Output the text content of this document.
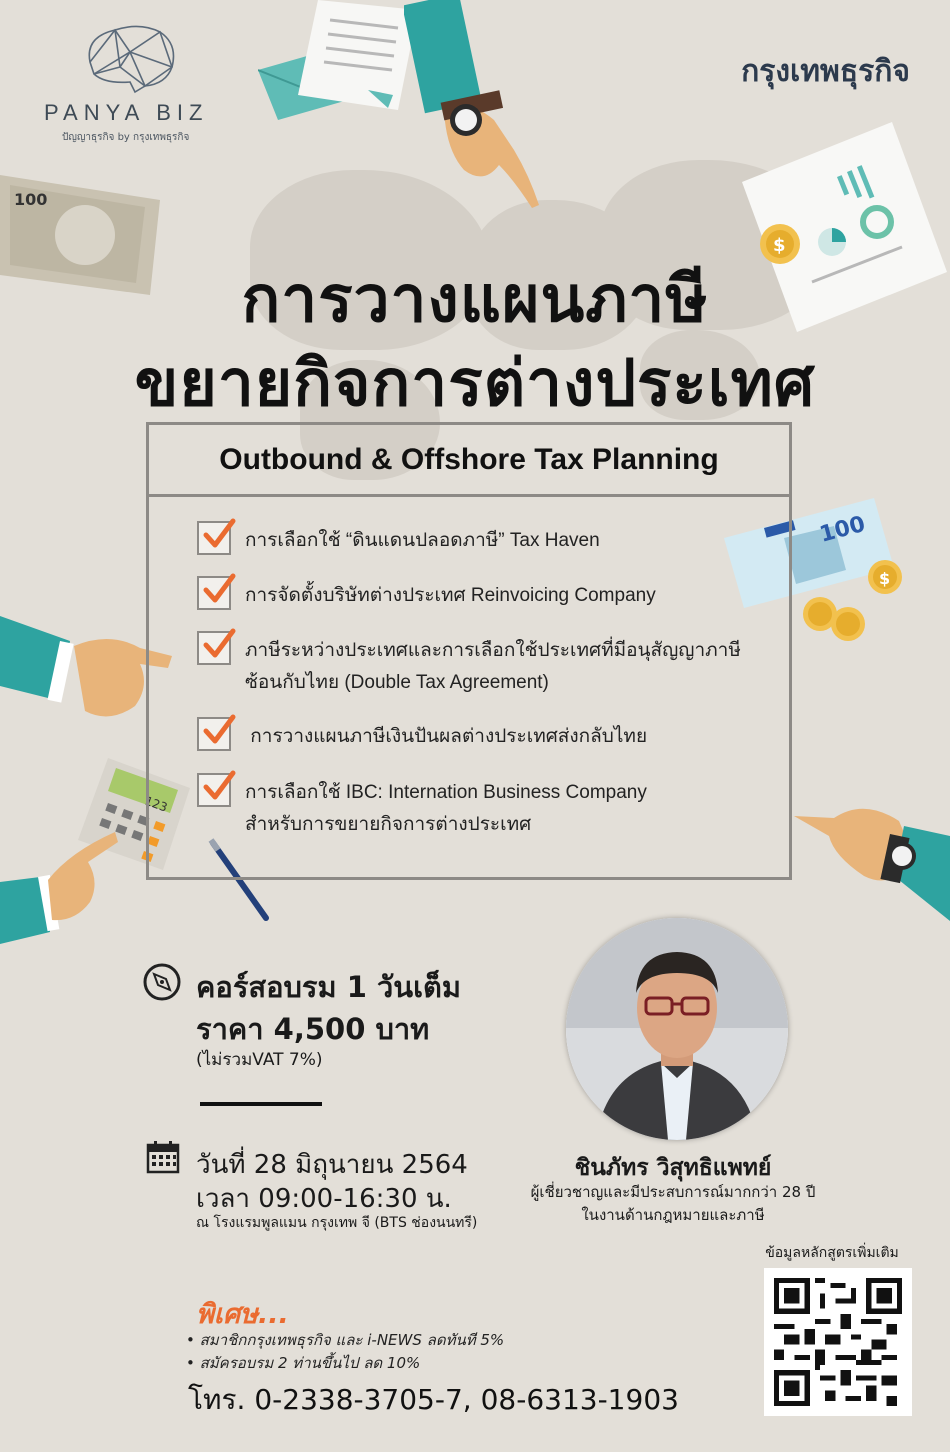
100
$
100
$
123
PANYA BIZ
ปัญญาธุรกิจ by กรุงเทพธุรกิจ
กรุงเทพธุรกิจ
การวางแผนภาษี
ขยายกิจการต่างประเทศ
Outbound & Offshore Tax Planning
การเลือกใช้ “ดินแดนปลอดภาษี” Tax Haven
การจัดตั้งบริษัทต่างประเทศ Reinvoicing Company
ภาษีระหว่างประเทศและการเลือกใช้ประเทศที่มีอนุสัญญาภาษี
ซ้อนกับไทย (Double Tax Agreement)
การวางแผนภาษีเงินปันผลต่างประเทศส่งกลับไทย
การเลือกใช้ IBC: Internation Business Company
สำหรับการขยายกิจการต่างประเทศ
คอร์สอบรม 1 วันเต็ม
ราคา 4,500 บาท
(ไม่รวมVAT 7%)
วันที่ 28 มิถุนายน 2564
เวลา 09:00-16:30 น.
ณ โรงแรมพูลแมน กรุงเทพ จี (BTS ช่องนนทรี)
ชินภัทร วิสุทธิแพทย์
ผู้เชี่ยวชาญและมีประสบการณ์มากกว่า 28 ปี
ในงานด้านกฎหมายและภาษี
พิเศษ...
• สมาชิกกรุงเทพธุรกิจ และ i-NEWS ลดทันที 5%
• สมัครอบรม 2 ท่านขึ้นไป ลด 10%
โทร. 0-2338-3705-7, 08-6313-1903
ข้อมูลหลักสูตรเพิ่มเติม
